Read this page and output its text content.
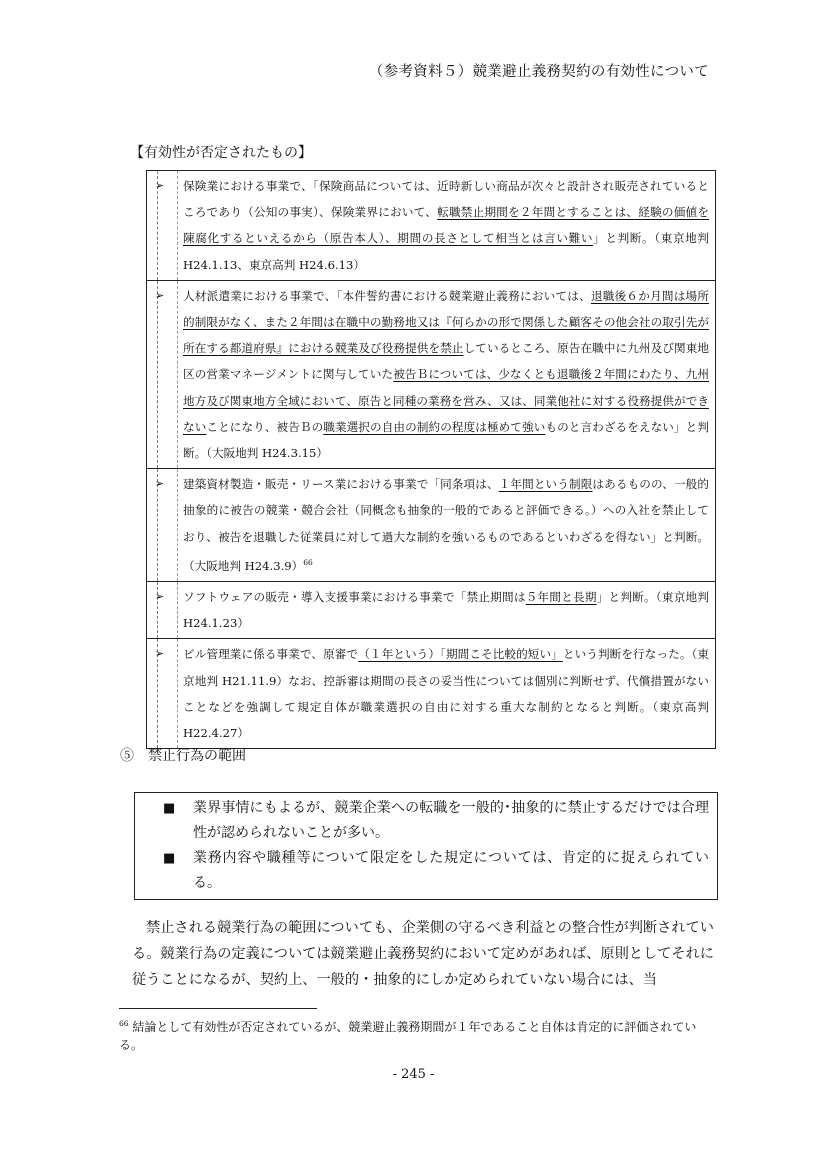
（参考資料５）競業避止義務契約の有効性について
【有効性が否定されたもの】
➢ 保険業における事業で、「保険商品については、近時新しい商品が次々と設計され販売されているところであり（公知の事実）、保険業界において、転職禁止期間を２年間とすることは、経験の価値を陳腐化するといえるから（原告本人）、期間の長さとして相当とは言い難い」と判断。（東京地判 H24.1.13、東京高判 H24.6.13）
➢ 人材派遣業における事業で、「本件誓約書における競業避止義務においては、退職後６か月間は場所的制限がなく、また２年間は在職中の勤務地又は『何らかの形で関係した顧客その他会社の取引先が所在する都道府県』における競業及び役務提供を禁止しているところ、原告在職中に九州及び関東地区の営業マネージメントに関与していた被告Ｂについては、少なくとも退職後２年間にわたり、九州地方及び関東地方全域において、原告と同種の業務を営み、又は、同業他社に対する役務提供ができないことになり、被告Ｂの職業選択の自由の制約の程度は極めて強いものと言わざるをえない」と判断。（大阪地判 H24.3.15）
➢ 建築資材製造・販売・リース業における事業で「同条項は、１年間という制限はあるものの、一般的抽象的に被告の競業・競合会社（同概念も抽象的一般的であると評価できる。）への入社を禁止しており、被告を退職した従業員に対して過大な制約を強いるものであるといわざるを得ない」と判断。（大阪地判 H24.3.9）$^{66}$
➢ ソフトウェアの販売・導入支援事業における事業で「禁止期間は５年間と長期」と判断。（東京地判 H24.1.23）
➢ ビル管理業に係る事業で、原審で（１年という）「期間こそ比較的短い」という判断を行なった。（東京地判 H21.11.9）なお、控訴審は期間の長さの妥当性については個別に判断せず、代償措置がないことなどを強調して規定自体が職業選択の自由に対する重大な制約となると判断。（東京高判 H22.4.27）
⑤　禁止行為の範囲
■ 業界事情にもよるが、競業企業への転職を一般的･抽象的に禁止するだけでは合理性が認められないことが多い。
■ 業務内容や職種等について限定をした規定については、肯定的に捉えられている。
禁止される競業行為の範囲についても、企業側の守るべき利益との整合性が判断されている。競業行為の定義については競業避止義務契約において定めがあれば、原則としてそれに従うことになるが、契約上、一般的・抽象的にしか定められていない場合には、当
$^{66}$ 結論として有効性が否定されているが、競業避止義務期間が１年であること自体は肯定的に評価されている。
- 245 -
